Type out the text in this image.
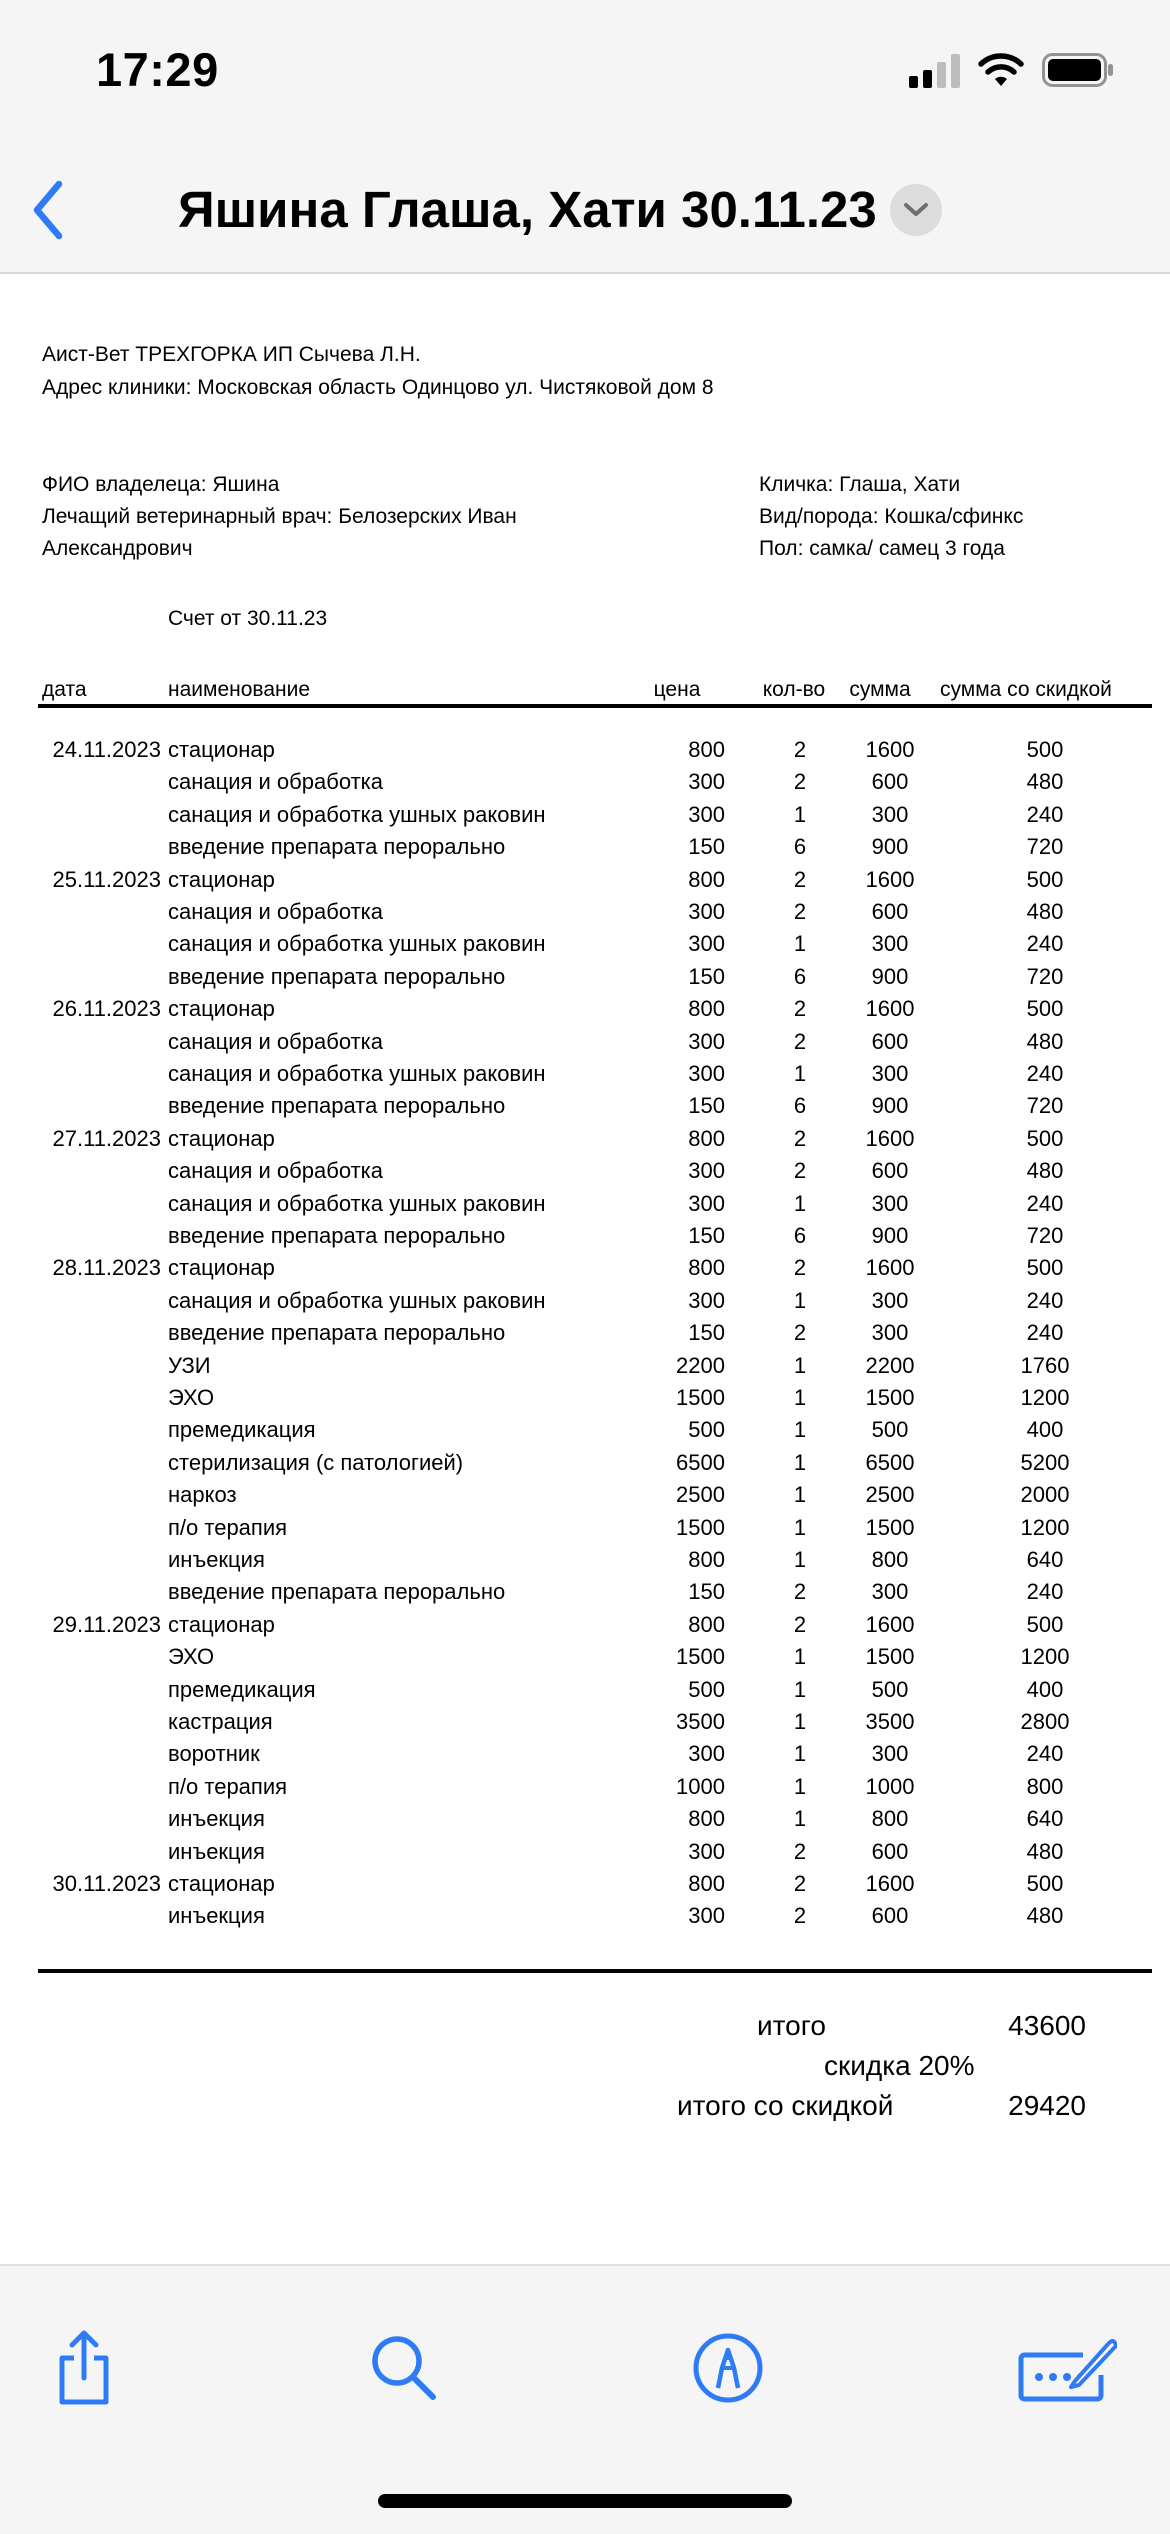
17:29
Яшина Глаша, Хати 30.11.23
Аист-Вет ТРЕХГОРКА ИП Сычева Л.Н.
Адрес клиники: Московская область Одинцово ул. Чистяковой дом 8
ФИО владелеца: Яшина
Лечащий ветеринарный врач: Белозерских Иван
Александрович
Кличка: Глаша, Хати
Вид/порода: Кошка/сфинкс
Пол: самка/ самец 3 года
Счет от 30.11.23
дата	наименование	цена	кол-во	сумма	сумма со скидкой
24.11.2023 стационар	800	2	1600	500
санация и обработка	300	2	600	480
санация и обработка ушных раковин	300	1	300	240
введение препарата перорально	150	6	900	720
25.11.2023 стационар	800	2	1600	500
санация и обработка	300	2	600	480
санация и обработка ушных раковин	300	1	300	240
введение препарата перорально	150	6	900	720
26.11.2023 стационар	800	2	1600	500
санация и обработка	300	2	600	480
санация и обработка ушных раковин	300	1	300	240
введение препарата перорально	150	6	900	720
27.11.2023 стационар	800	2	1600	500
санация и обработка	300	2	600	480
санация и обработка ушных раковин	300	1	300	240
введение препарата перорально	150	6	900	720
28.11.2023 стационар	800	2	1600	500
санация и обработка ушных раковин	300	1	300	240
введение препарата перорально	150	2	300	240
УЗИ	2200	1	2200	1760
ЭХО	1500	1	1500	1200
премедикация	500	1	500	400
стерилизация (с патологией)	6500	1	6500	5200
наркоз	2500	1	2500	2000
п/о терапия	1500	1	1500	1200
инъекция	800	1	800	640
введение препарата перорально	150	2	300	240
29.11.2023 стационар	800	2	1600	500
ЭХО	1500	1	1500	1200
премедикация	500	1	500	400
кастрация	3500	1	3500	2800
воротник	300	1	300	240
п/о терапия	1000	1	1000	800
инъекция	800	1	800	640
инъекция	300	2	600	480
30.11.2023 стационар	800	2	1600	500
инъекция	300	2	600	480
итого	43600
скидка 20%
итого со скидкой	29420
